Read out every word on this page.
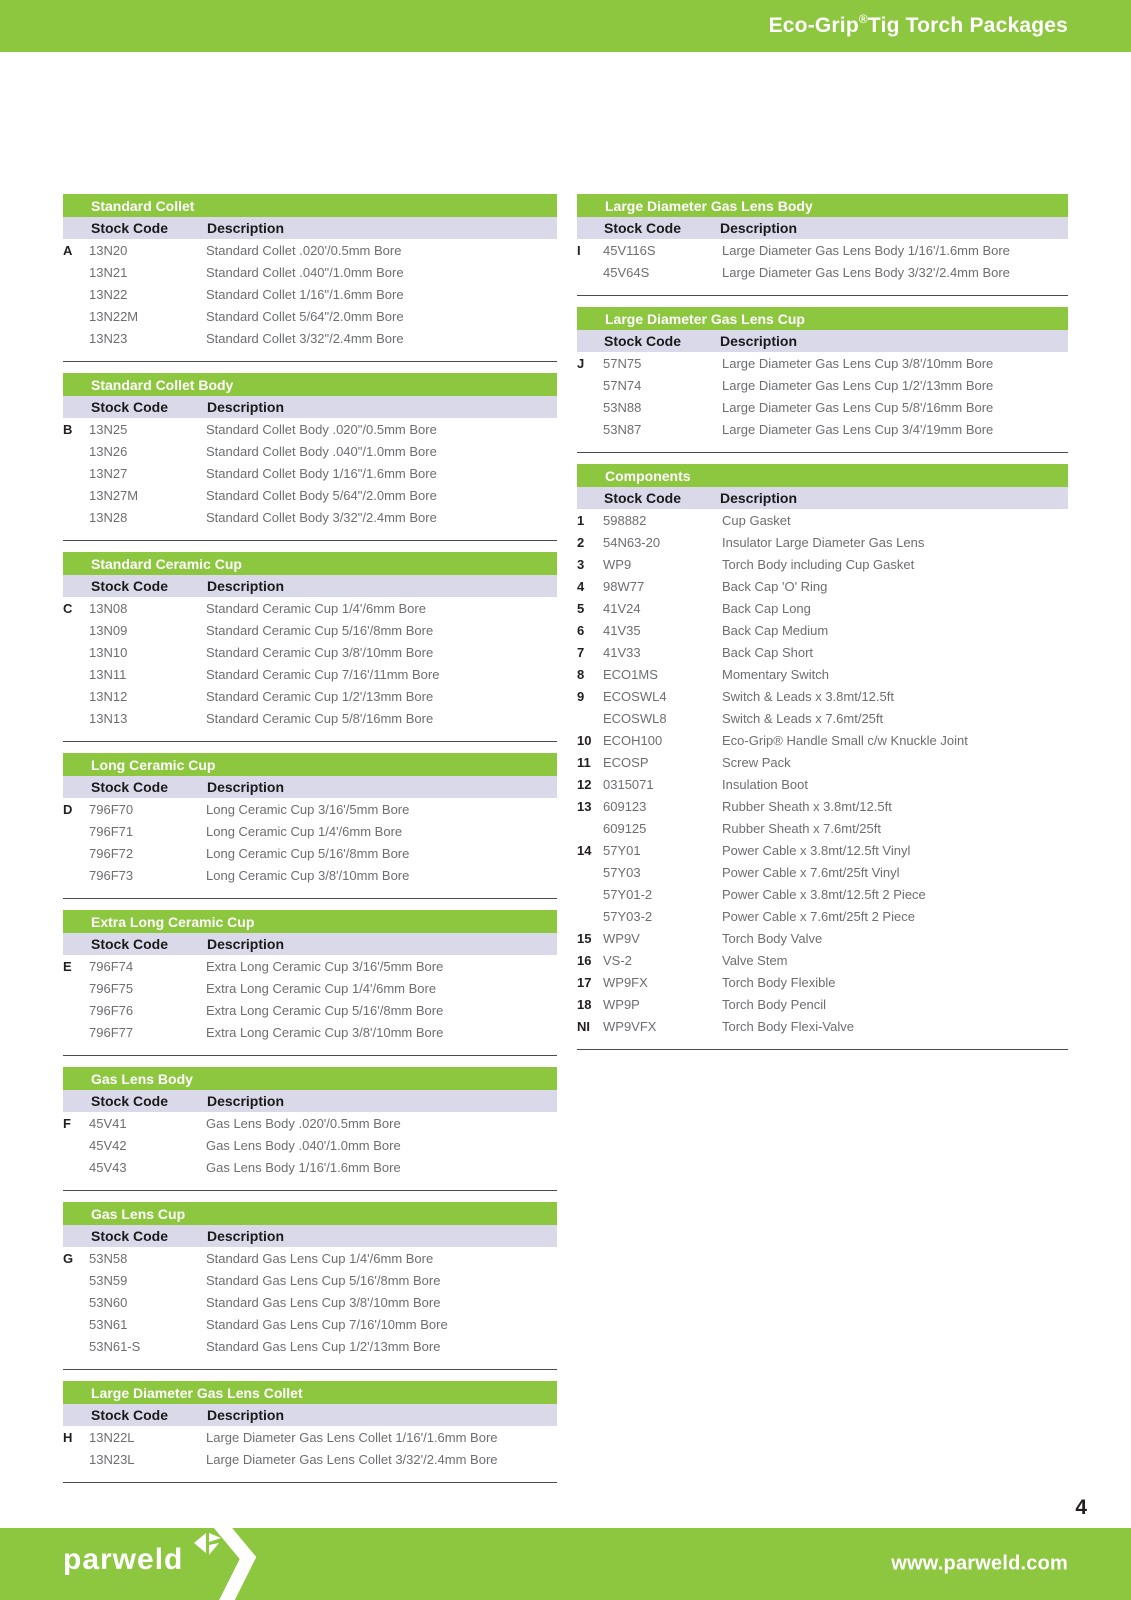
Eco-Grip ® Tig Torch Packages
Standard Collet
Stock Code	Description
A	13N20	Standard Collet .020'/0.5mm Bore
13N21	Standard Collet .040"/1.0mm Bore
13N22	Standard Collet 1/16"/1.6mm Bore
13N22M	Standard Collet 5/64"/2.0mm Bore
13N23	Standard Collet 3/32"/2.4mm Bore
Standard Collet Body
Stock Code	Description
B	13N25	Standard Collet Body .020"/0.5mm Bore
13N26	Standard Collet Body .040"/1.0mm Bore
13N27	Standard Collet Body 1/16"/1.6mm Bore
13N27M	Standard Collet Body 5/64"/2.0mm Bore
13N28	Standard Collet Body 3/32"/2.4mm Bore
Standard Ceramic Cup
Stock Code	Description
C	13N08	Standard Ceramic Cup 1/4'/6mm Bore
13N09	Standard Ceramic Cup 5/16'/8mm Bore
13N10	Standard Ceramic Cup 3/8'/10mm Bore
13N11	Standard Ceramic Cup 7/16'/11mm Bore
13N12	Standard Ceramic Cup 1/2'/13mm Bore
13N13	Standard Ceramic Cup 5/8'/16mm Bore
Long Ceramic Cup
Stock Code	Description
D	796F70	Long Ceramic Cup 3/16'/5mm Bore
796F71	Long Ceramic Cup 1/4'/6mm Bore
796F72	Long Ceramic Cup 5/16'/8mm Bore
796F73	Long Ceramic Cup 3/8'/10mm Bore
Extra Long Ceramic Cup
Stock Code	Description
E	796F74	Extra Long Ceramic Cup 3/16'/5mm Bore
796F75	Extra Long Ceramic Cup 1/4'/6mm Bore
796F76	Extra Long Ceramic Cup 5/16'/8mm Bore
796F77	Extra Long Ceramic Cup 3/8'/10mm Bore
Gas Lens Body
Stock Code	Description
F	45V41	Gas Lens Body .020'/0.5mm Bore
45V42	Gas Lens Body .040'/1.0mm Bore
45V43	Gas Lens Body 1/16'/1.6mm Bore
Gas Lens Cup
Stock Code	Description
G	53N58	Standard Gas Lens Cup 1/4'/6mm Bore
53N59	Standard Gas Lens Cup 5/16'/8mm Bore
53N60	Standard Gas Lens Cup 3/8'/10mm Bore
53N61	Standard Gas Lens Cup 7/16'/10mm Bore
53N61-S	Standard Gas Lens Cup 1/2'/13mm Bore
Large Diameter Gas Lens Collet
Stock Code	Description
H	13N22L	Large Diameter Gas Lens Collet 1/16'/1.6mm Bore
13N23L	Large Diameter Gas Lens Collet 3/32'/2.4mm Bore
Large Diameter Gas Lens Body
Stock Code	Description
I	45V116S	Large Diameter Gas Lens Body 1/16'/1.6mm Bore
45V64S	Large Diameter Gas Lens Body 3/32'/2.4mm Bore
Large Diameter Gas Lens Cup
Stock Code	Description
J	57N75	Large Diameter Gas Lens Cup 3/8'/10mm Bore
57N74	Large Diameter Gas Lens Cup 1/2'/13mm Bore
53N88	Large Diameter Gas Lens Cup 5/8'/16mm Bore
53N87	Large Diameter Gas Lens Cup 3/4'/19mm Bore
Components
Stock Code	Description
1	598882	Cup Gasket
2	54N63-20	Insulator Large Diameter Gas Lens
3	WP9	Torch Body including Cup Gasket
4	98W77	Back Cap 'O' Ring
5	41V24	Back Cap Long
6	41V35	Back Cap Medium
7	41V33	Back Cap Short
8	ECO1MS	Momentary Switch
9	ECOSWL4	Switch & Leads x 3.8mt/12.5ft
ECOSWL8	Switch & Leads x 7.6mt/25ft
10 ECOH100	Eco-Grip® Handle Small c/w Knuckle Joint
11 ECOSP	Screw Pack
12 0315071	Insulation Boot
13 609123	Rubber Sheath x 3.8mt/12.5ft
609125	Rubber Sheath x 7.6mt/25ft
14 57Y01	Power Cable x 3.8mt/12.5ft Vinyl
57Y03	Power Cable x 7.6mt/25ft Vinyl
57Y01-2	Power Cable x 3.8mt/12.5ft 2 Piece
57Y03-2	Power Cable x 7.6mt/25ft 2 Piece
15 WP9V	Torch Body Valve
16 VS-2	Valve Stem
17 WP9FX	Torch Body Flexible
18 WP9P	Torch Body Pencil
NI	WP9VFX	Torch Body Flexi-Valve
4
parweld	www.parweld.com
